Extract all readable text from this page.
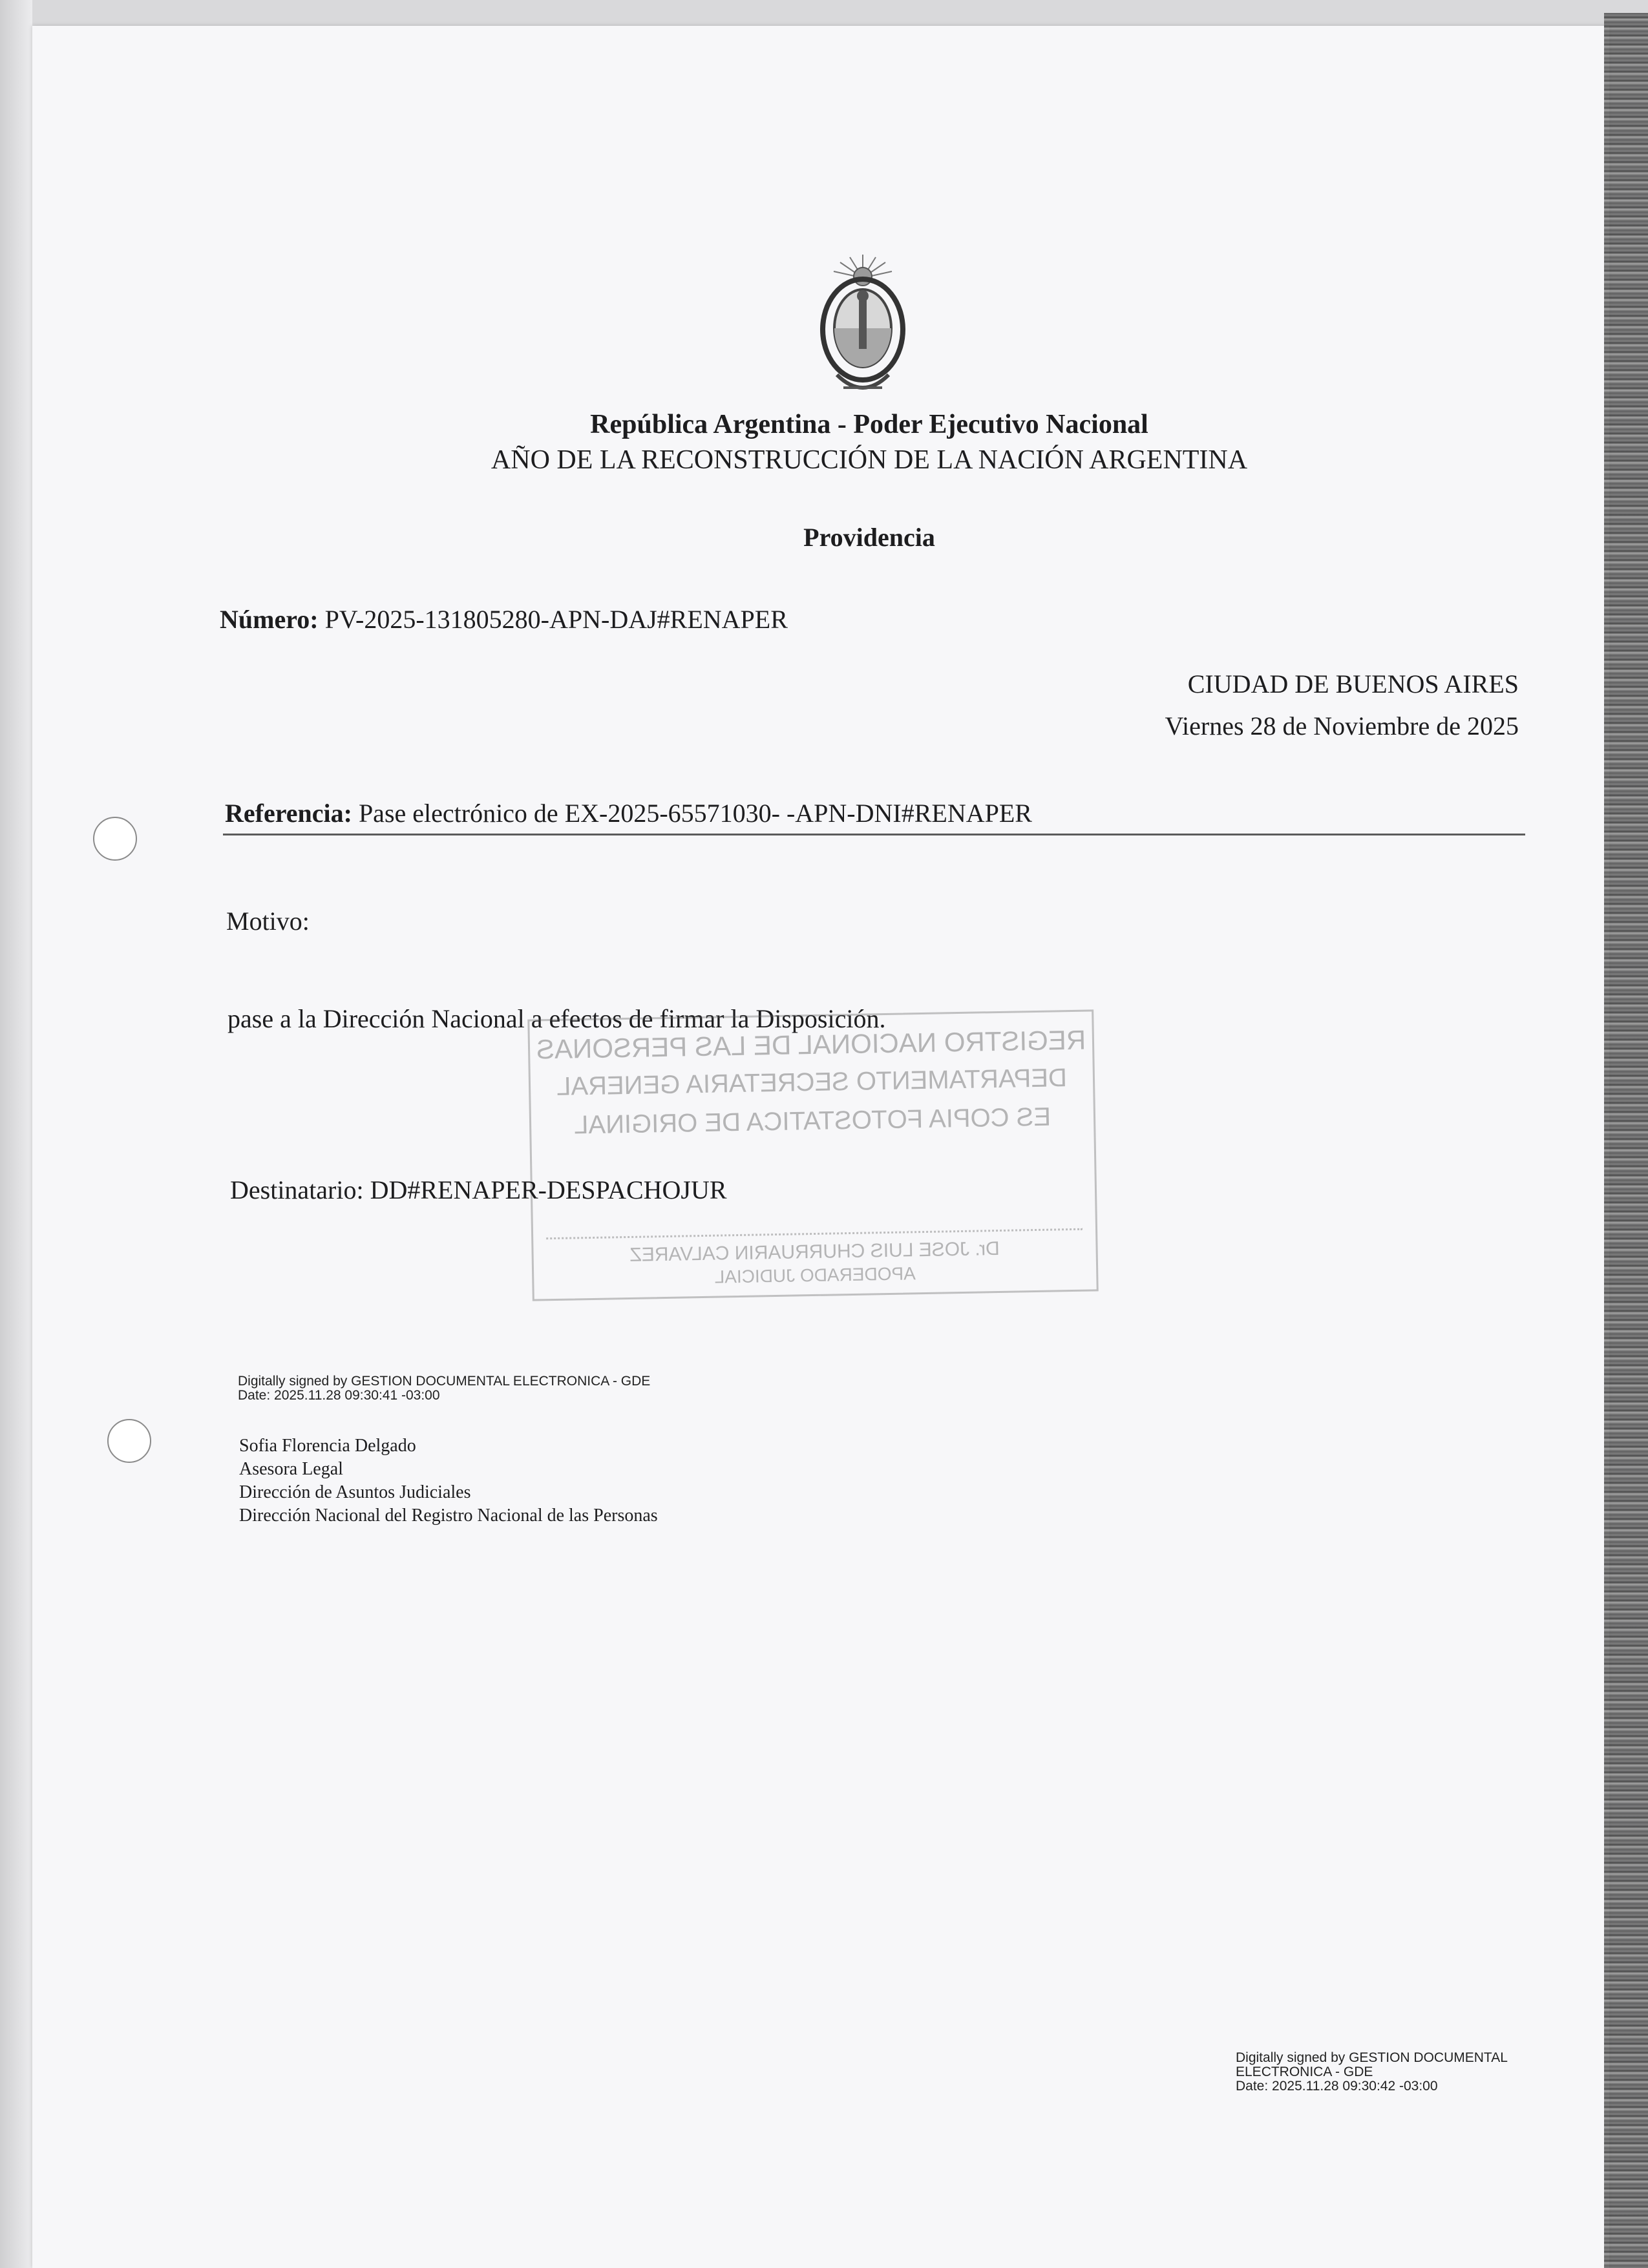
República Argentina - Poder Ejecutivo Nacional
AÑO DE LA RECONSTRUCCIÓN DE LA NACIÓN ARGENTINA
Providencia
Número: PV-2025-131805280-APN-DAJ#RENAPER
CIUDAD DE BUENOS AIRES
Viernes 28 de Noviembre de 2025
Referencia: Pase electrónico de EX-2025-65571030- -APN-DNI#RENAPER
Motivo:
pase a la Dirección Nacional a efectos de firmar la Disposición.
REGISTRO NACIONAL DE LAS PERSONAS
DEPARTAMENTO SECRETARIA GENERAL
ES COPIA FOTOSTATICA DE ORIGINAL
Dr. JOSE LUIS CHURRUARIN CALVAREZ
APODERADO JUDICIAL
Destinatario: DD#RENAPER-DESPACHOJUR
Digitally signed by GESTION DOCUMENTAL ELECTRONICA - GDE
Date: 2025.11.28 09:30:41 -03:00
Sofia Florencia Delgado
Asesora Legal
Dirección de Asuntos Judiciales
Dirección Nacional del Registro Nacional de las Personas
Digitally signed by GESTION DOCUMENTAL
ELECTRONICA - GDE
Date: 2025.11.28 09:30:42 -03:00
